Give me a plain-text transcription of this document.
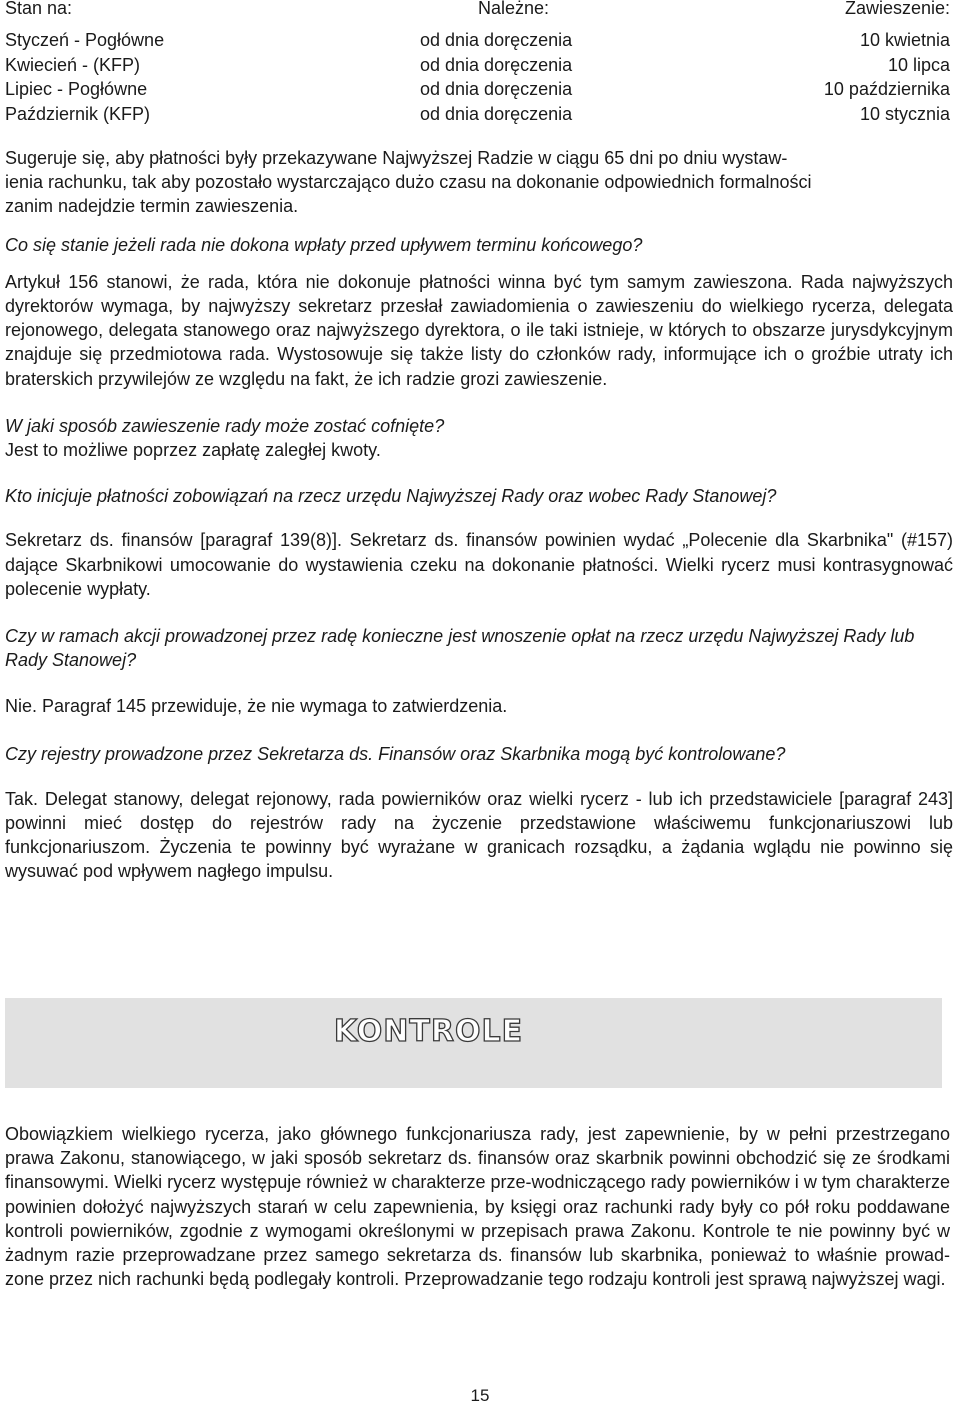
Stan na:	Należne:	Zawieszenie:
Styczeń - Pogłówne	od dnia doręczenia	10 kwietnia
Kwiecień - (KFP)	od dnia doręczenia	10 lipca
Lipiec - Pogłówne	od dnia doręczenia	10 października
Październik (KFP)	od dnia doręczenia	10 stycznia

Sugeruje się, aby płatności były przekazywane Najwyższej Radzie w ciągu 65 dni po dniu wystaw-

ienia rachunku, tak aby pozostało wystarczająco dużo czasu na dokonanie odpowiednich formalności

zanim nadejdzie termin zawieszenia.

Co się stanie jeżeli rada nie dokona wpłaty przed upływem terminu końcowego?

Artykuł 156 stanowi, że rada, która nie dokonuje płatności winna być tym samym zawieszona. Rada najwyższych dyrektorów wymaga, by najwyższy sekretarz przesłał zawiadomienia o zawieszeniu do wielkiego rycerza, delegata rejonowego, delegata stanowego oraz najwyższego dyrektora, o ile taki istnieje, w których to obszarze jurysdykcyjnym znajduje się przedmiotowa rada. Wystosowuje się także listy do członków rady, informujące ich o groźbie utraty ich braterskich przywilejów ze względu na fakt, że ich radzie grozi zawieszenie.

W jaki sposób zawieszenie rady może zostać cofnięte?

Jest to możliwe poprzez zapłatę zaległej kwoty.

Kto inicjuje płatności zobowiązań na rzecz urzędu Najwyższej Rady oraz wobec Rady Stanowej?

Sekretarz ds. finansów [paragraf 139(8)]. Sekretarz ds. finansów powinien wydać „Polecenie dla Skarbnika" (#157) dające Skarbnikowi umocowanie do wystawienia czeku na dokonanie płatności. Wielki rycerz musi kontrasygnować polecenie wypłaty.

Czy w ramach akcji prowadzonej przez radę konieczne jest wnoszenie opłat na rzecz urzędu Najwyższej Rady lub Rady Stanowej?

Nie. Paragraf 145 przewiduje, że nie wymaga to zatwierdzenia.

Czy rejestry prowadzone przez Sekretarza ds. Finansów oraz Skarbnika mogą być kontrolowane?

Tak. Delegat stanowy, delegat rejonowy, rada powierników oraz wielki rycerz - lub ich przedstawiciele [paragraf 243] powinni mieć dostęp do rejestrów rady na życzenie przedstawione właściwemu funkcjonariuszowi lub funkcjonariuszom. Życzenia te powinny być wyrażane w granicach rozsądku, a żądania wglądu nie powinno się wysuwać pod wpływem nagłego impulsu.

KONTROLE

Obowiązkiem wielkiego rycerza, jako głównego funkcjonariusza rady, jest zapewnienie, by w pełni przestrzegano prawa Zakonu, stanowiącego, w jaki sposób sekretarz ds. finansów oraz skarbnik powinni obchodzić się ze środkami finansowymi. Wielki rycerz występuje również w charakterze prze-wodniczącego rady powierników i w tym charakterze powinien dołożyć najwyższych starań w celu zapewnienia, by księgi oraz rachunki rady były co pół roku poddawane kontroli powierników, zgodnie z wymogami określonymi w przepisach prawa Zakonu. Kontrole te nie powinny być w żadnym razie przeprowadzane przez samego sekretarza ds. finansów lub skarbnika, ponieważ to właśnie prowad-zone przez nich rachunki będą podlegały kontroli. Przeprowadzanie tego rodzaju kontroli jest sprawą najwyższej wagi.

15
